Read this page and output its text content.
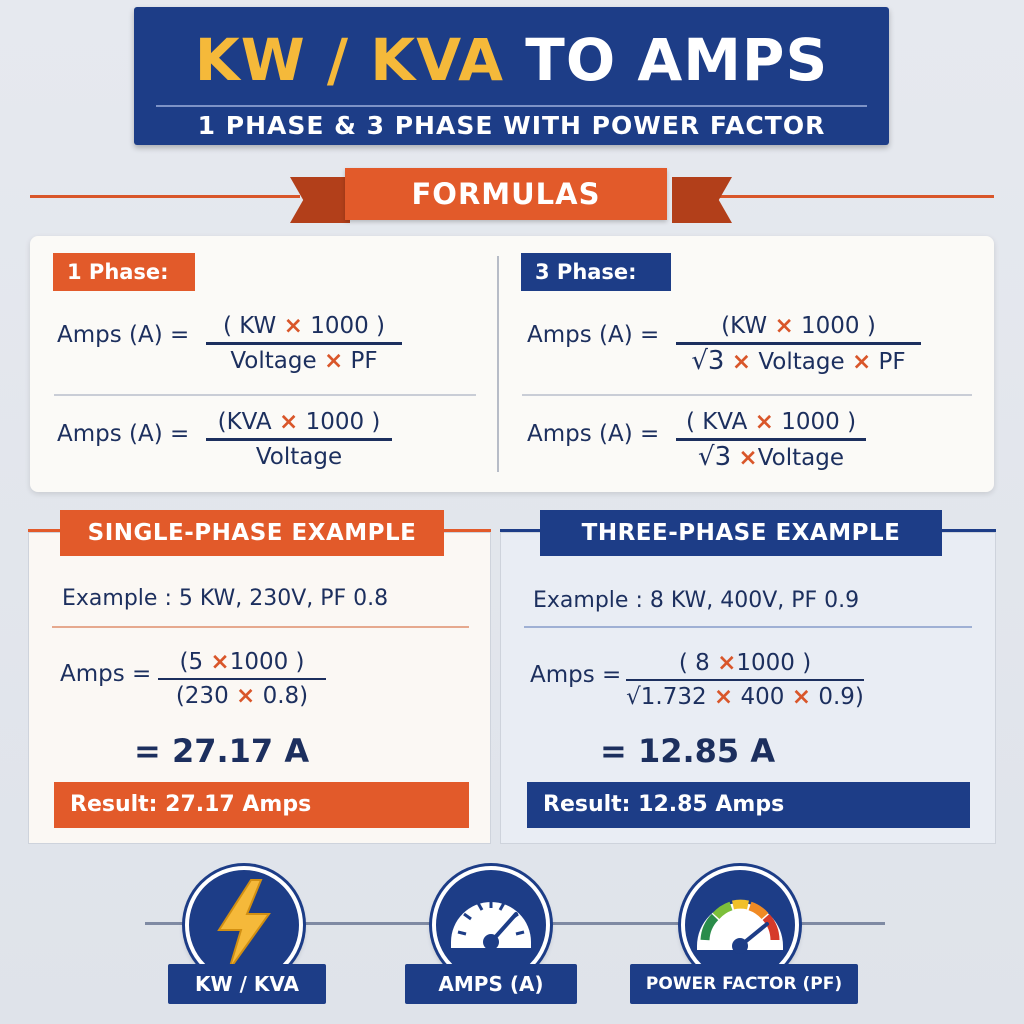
KW / KVA TO AMPS
1 PHASE & 3 PHASE WITH POWER FACTOR
FORMULAS
1 Phase:
Amps (A) =	( KW × 1000 )
Voltage × PF
Amps (A) =	(KVA × 1000 )
Voltage
3 Phase:
Amps (A) =	(KW × 1000 )
√3 × Voltage × PF
Amps (A) =	( KVA × 1000 )
√3 ×Voltage
SINGLE-PHASE EXAMPLE
Example : 5 KW, 230V, PF 0.8
Amps =	(5 ×1000 )
(230 × 0.8)
= 27.17 A
Result: 27.17 Amps
THREE-PHASE EXAMPLE
Example : 8 KW, 400V, PF 0.9
Amps =	( 8 ×1000 )
√1.732 × 400 × 0.9)
= 12.85 A
Result: 12.85 Amps
KW / KVA	AMPS (A)	POWER FACTOR (PF)
